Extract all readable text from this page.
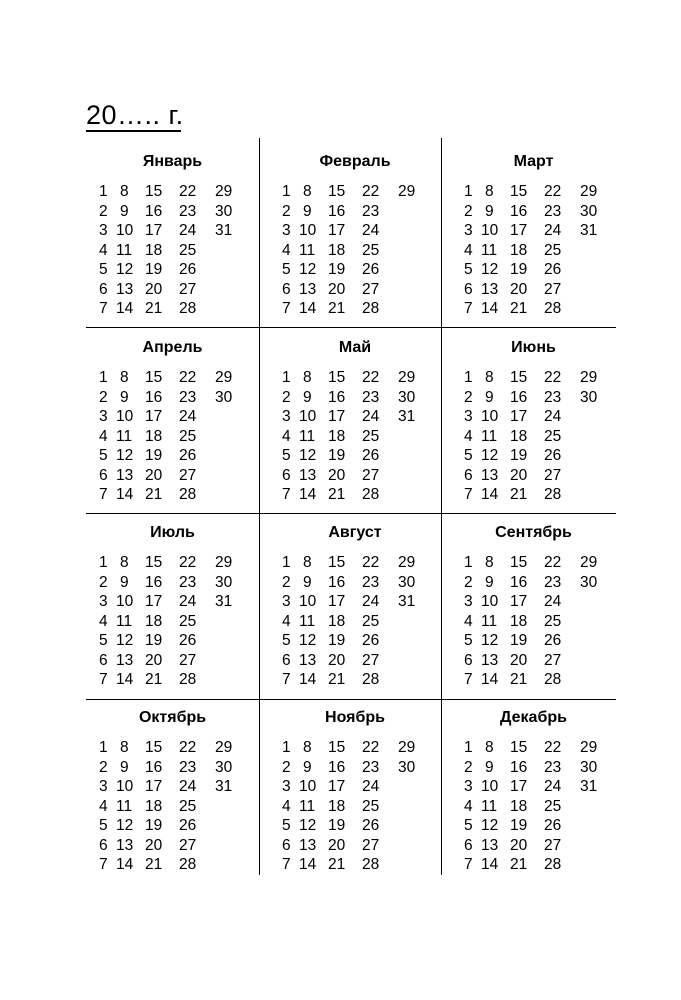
20….. г.
Январь
1 8 15 22 29
2 9 16 23 30
3 10 17 24 31
4 11 18 25
5 12 19 26
6 13 20 27
7 14 21 28
Февраль
1 8 15 22 29
2 9 16 23
3 10 17 24
4 11 18 25
5 12 19 26
6 13 20 27
7 14 21 28
Март
1 8 15 22 29
2 9 16 23 30
3 10 17 24 31
4 11 18 25
5 12 19 26
6 13 20 27
7 14 21 28
Апрель
1 8 15 22 29
2 9 16 23 30
3 10 17 24
4 11 18 25
5 12 19 26
6 13 20 27
7 14 21 28
Май
1 8 15 22 29
2 9 16 23 30
3 10 17 24 31
4 11 18 25
5 12 19 26
6 13 20 27
7 14 21 28
Июнь
1 8 15 22 29
2 9 16 23 30
3 10 17 24
4 11 18 25
5 12 19 26
6 13 20 27
7 14 21 28
Июль
1 8 15 22 29
2 9 16 23 30
3 10 17 24 31
4 11 18 25
5 12 19 26
6 13 20 27
7 14 21 28
Август
1 8 15 22 29
2 9 16 23 30
3 10 17 24 31
4 11 18 25
5 12 19 26
6 13 20 27
7 14 21 28
Сентябрь
1 8 15 22 29
2 9 16 23 30
3 10 17 24
4 11 18 25
5 12 19 26
6 13 20 27
7 14 21 28
Октябрь
1 8 15 22 29
2 9 16 23 30
3 10 17 24 31
4 11 18 25
5 12 19 26
6 13 20 27
7 14 21 28
Ноябрь
1 8 15 22 29
2 9 16 23 30
3 10 17 24
4 11 18 25
5 12 19 26
6 13 20 27
7 14 21 28
Декабрь
1 8 15 22 29
2 9 16 23 30
3 10 17 24 31
4 11 18 25
5 12 19 26
6 13 20 27
7 14 21 28
